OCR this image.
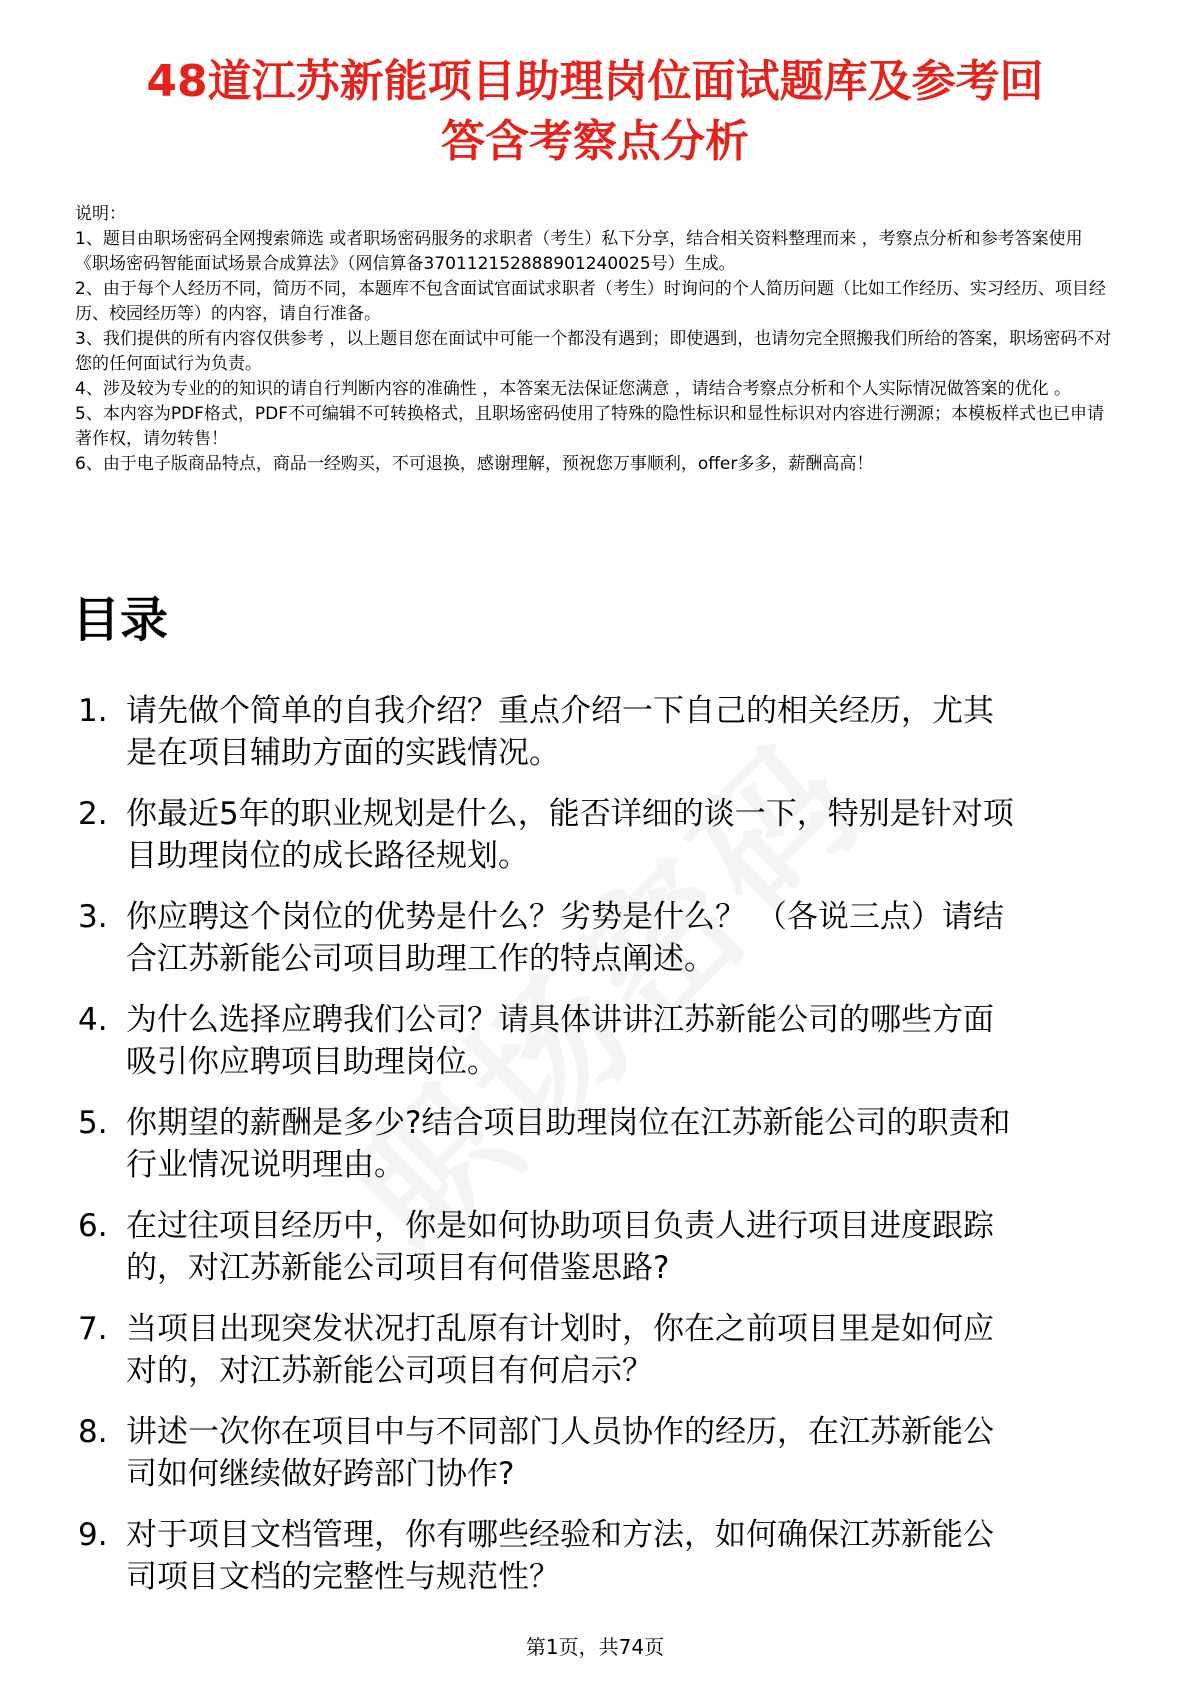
48道江苏新能项目助理岗位面试题库及参考回
答含考察点分析

说明：

1、题目由职场密码全网搜索筛选 或者职场密码服务的求职者（考生）私下分享，结合相关资料整理而来 ，考察点分析和参考答案使用《职场密码智能面试场景合成算法》（网信算备370112152888901240025号）生成。

2、由于每个人经历不同，简历不同，本题库不包含面试官面试求职者（考生）时询问的个人简历问题（比如工作经历、实习经历、项目经历、校园经历等）的内容，请自行准备。

3、我们提供的所有内容仅供参考 ，以上题目您在面试中可能一个都没有遇到；即使遇到，也请勿完全照搬我们所给的答案，职场密码不对您的任何面试行为负责。

4、涉及较为专业的的知识的请自行判断内容的准确性 ，本答案无法保证您满意 ，请结合考察点分析和个人实际情况做答案的优化 。

5、本内容为PDF格式，PDF不可编辑不可转换格式，且职场密码使用了特殊的隐性标识和显性标识对内容进行溯源；本模板样式也已申请著作权，请勿转售！

6、由于电子版商品特点，商品一经购买，不可退换，感谢理解，预祝您万事顺利，offer多多，薪酬高高！

目录
1. 请先做个简单的自我介绍？重点介绍一下自己的相关经历，尤其
是在项目辅助方面的实践情况。
2. 你最近5年的职业规划是什么，能否详细的谈一下，特别是针对项
目助理岗位的成长路径规划。
3. 你应聘这个岗位的优势是什么？劣势是什么？ （各说三点）请结
合江苏新能公司项目助理工作的特点阐述。
4. 为什么选择应聘我们公司？请具体讲讲江苏新能公司的哪些方面
吸引你应聘项目助理岗位。
5. 你期望的薪酬是多少?结合项目助理岗位在江苏新能公司的职责和
行业情况说明理由。
6. 在过往项目经历中，你是如何协助项目负责人进行项目进度跟踪
的，对江苏新能公司项目有何借鉴思路?
7. 当项目出现突发状况打乱原有计划时，你在之前项目里是如何应
对的，对江苏新能公司项目有何启示？
8. 讲述一次你在项目中与不同部门人员协作的经历，在江苏新能公
司如何继续做好跨部门协作?
9. 对于项目文档管理，你有哪些经验和方法，如何确保江苏新能公
司项目文档的完整性与规范性？
第1页，共74页
